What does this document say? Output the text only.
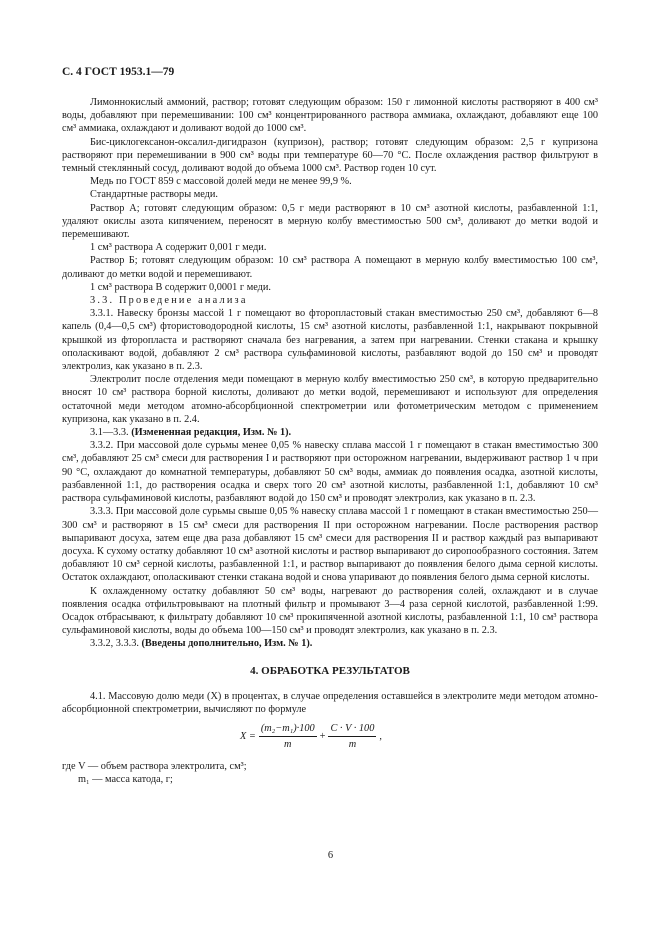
С. 4 ГОСТ 1953.1—79

Лимоннокислый аммоний, раствор; готовят следующим образом: 150 г лимонной кислоты растворяют в 400 см³ воды, добавляют при перемешивании: 100 см³ концентрированного раствора аммиака, охлаждают, добавляют еще 100 см³ аммиака, охлаждают и доливают водой до 1000 см³.

Бис-циклогексанон-оксалил-дигидразон (купризон), раствор; готовят следующим образом: 2,5 г купризона растворяют при перемешивании в 900 см³ воды при температуре 60—70 °С. После охлаждения раствор фильтруют в темный стеклянный сосуд, доливают водой до объема 1000 см³. Раствор годен 10 сут.

Медь по ГОСТ 859 с массовой долей меди не менее 99,9 %.

Стандартные растворы меди.

Раствор А; готовят следующим образом: 0,5 г меди растворяют в 10 см³ азотной кислоты, разбавленной 1:1, удаляют окислы азота кипячением, переносят в мерную колбу вместимостью 500 см³, доливают до метки водой и перемешивают.

1 см³ раствора А содержит 0,001 г меди.

Раствор Б; готовят следующим образом: 10 см³ раствора А помещают в мерную колбу вместимостью 100 см³, доливают до метки водой и перемешивают.

1 см³ раствора В содержит 0,0001 г меди.

3.3. Проведение анализа

3.3.1. Навеску бронзы массой 1 г помещают во фторопластовый стакан вместимостью 250 см³, добавляют 6—8 капель (0,4—0,5 см³) фтористоводородной кислоты, 15 см³ азотной кислоты, разбавленной 1:1, накрывают покрывной крышкой из фторопласта и растворяют сначала без нагревания, а затем при нагревании. Стенки стакана и крышку ополаскивают водой, добавляют 2 см³ раствора сульфаминовой кислоты, разбавляют водой до 150 см³ и проводят электролиз, как указано в п. 2.3.

Электролит после отделения меди помещают в мерную колбу вместимостью 250 см³, в которую предварительно вносят 10 см³ раствора борной кислоты, доливают до метки водой, перемешивают и используют для определения остаточной меди методом атомно-абсорбционной спектрометрии или фотометрическим методом с применением купризона, как указано в п. 2.4.

3.1—3.3. (Измененная редакция, Изм. № 1).

3.3.2. При массовой доле сурьмы менее 0,05 % навеску сплава массой 1 г помещают в стакан вместимостью 300 см³, добавляют 25 см³ смеси для растворения I и растворяют при осторожном нагревании, выдерживают раствор 1 ч при 90 °С, охлаждают до комнатной температуры, добавляют 50 см³ воды, аммиак до появления осадка, азотной кислоты, разбавленной 1:1, до растворения осадка и сверх того 20 см³ азотной кислоты, разбавленной 1:1, добавляют 10 см³ раствора сульфаминовой кислоты, разбавляют водой до 150 см³ и проводят электролиз, как указано в п. 2.3.

3.3.3. При массовой доле сурьмы свыше 0,05 % навеску сплава массой 1 г помещают в стакан вместимостью 250—300 см³ и растворяют в 15 см³ смеси для растворения II при осторожном нагревании. После растворения раствор выпаривают досуха, затем еще два раза добавляют 15 см³ смеси для растворения II и раствор каждый раз выпаривают досуха. К сухому остатку добавляют 10 см³ азотной кислоты и раствор выпаривают до сиропообразного состояния. Затем добавляют 10 см³ серной кислоты, разбавленной 1:1, и раствор выпаривают до появления белого дыма серной кислоты. Остаток охлаждают, ополаскивают стенки стакана водой и снова упаривают до появления белого дыма серной кислоты.

К охлажденному остатку добавляют 50 см³ воды, нагревают до растворения солей, охлаждают и в случае появления осадка отфильтровывают на плотный фильтр и промывают 3—4 раза серной кислотой, разбавленной 1:99. Осадок отбрасывают, к фильтрату добавляют 10 см³ прокипяченной азотной кислоты, разбавленной 1:1, 10 см³ раствора сульфаминовой кислоты, воды до объема 100—150 см³ и проводят электролиз, как указано в п. 2.3.

3.3.2, 3.3.3. (Введены дополнительно, Изм. № 1).

4. ОБРАБОТКА РЕЗУЛЬТАТОВ

4.1. Массовую долю меди (X) в процентах, в случае определения оставшейся в электролите меди методом атомно-абсорбционной спектрометрии, вычисляют по формуле

$X = \frac{\text{(m₂−m₁)·100}}{m} + \frac{C \cdot V \cdot 100}{m}$ ,

где V — объем раствора электролита, см³;

m₁ — масса катода, г;

6
